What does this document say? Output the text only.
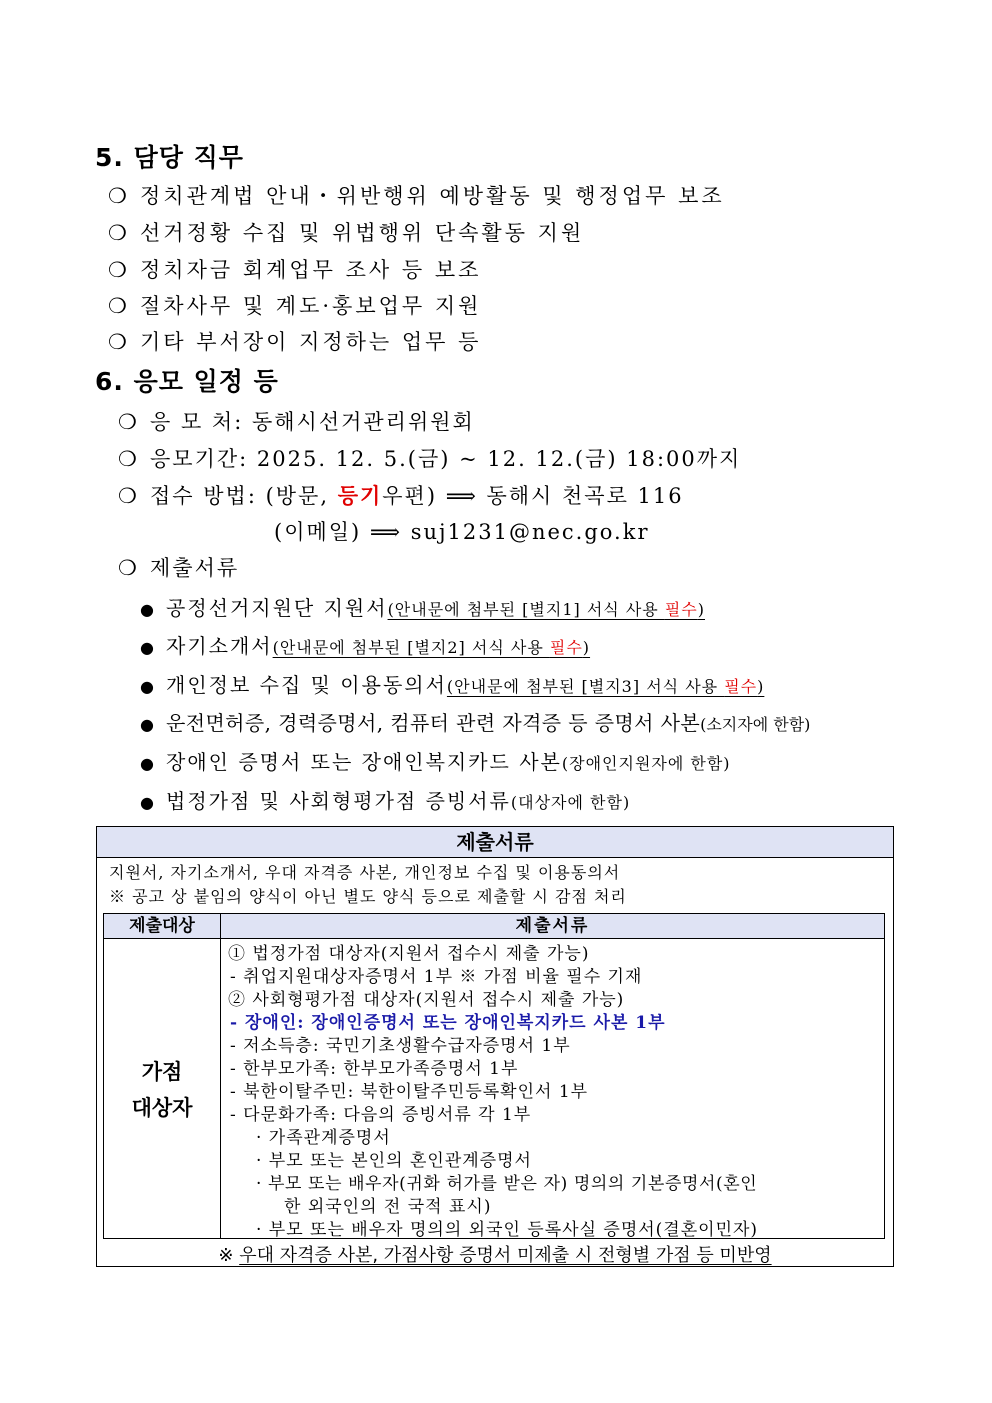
5. 담당 직무
❍ 정치관계법 안내・위반행위 예방활동 및 행정업무 보조
❍ 선거정황 수집 및 위법행위 단속활동 지원
❍ 정치자금 회계업무 조사 등 보조
❍ 절차사무 및 계도·홍보업무 지원
❍ 기타 부서장이 지정하는 업무 등
6. 응모 일정 등
❍ 응 모 처: 동해시선거관리위원회
❍ 응모기간: 2025. 12. 5.(금) ~ 12. 12.(금) 18:00까지
❍ 접수 방법: (방문, 등기우편) ⟹ 동해시 천곡로 116
(이메일) ⟹ suj1231@nec.go.kr
❍ 제출서류
● 공정선거지원단 지원서(안내문에 첨부된 [별지1] 서식 사용 필수)
● 자기소개서(안내문에 첨부된 [별지2] 서식 사용 필수)
● 개인정보 수집 및 이용동의서(안내문에 첨부된 [별지3] 서식 사용 필수)
● 운전면허증, 경력증명서, 컴퓨터 관련 자격증 등 증명서 사본(소지자에 한함)
● 장애인 증명서 또는 장애인복지카드 사본(장애인지원자에 한함)
● 법정가점 및 사회형평가점 증빙서류(대상자에 한함)
제출서류
지원서, 자기소개서, 우대 자격증 사본, 개인정보 수집 및 이용동의서
※ 공고 상 붙임의 양식이 아닌 별도 양식 등으로 제출할 시 감점 처리
제출대상	제출서류
가점
대상자
① 법정가점 대상자(지원서 접수시 제출 가능)
- 취업지원대상자증명서 1부 ※ 가점 비율 필수 기재
② 사회형평가점 대상자(지원서 접수시 제출 가능)
- 장애인: 장애인증명서 또는 장애인복지카드 사본 1부
- 저소득층: 국민기초생활수급자증명서 1부
- 한부모가족: 한부모가족증명서 1부
- 북한이탈주민: 북한이탈주민등록확인서 1부
- 다문화가족: 다음의 증빙서류 각 1부
· 가족관계증명서
· 부모 또는 본인의 혼인관계증명서
· 부모 또는 배우자(귀화 허가를 받은 자) 명의의 기본증명서(혼인
한 외국인의 전 국적 표시)
· 부모 또는 배우자 명의의 외국인 등록사실 증명서(결혼이민자)
※ 우대 자격증 사본, 가점사항 증명서 미제출 시 전형별 가점 등 미반영
